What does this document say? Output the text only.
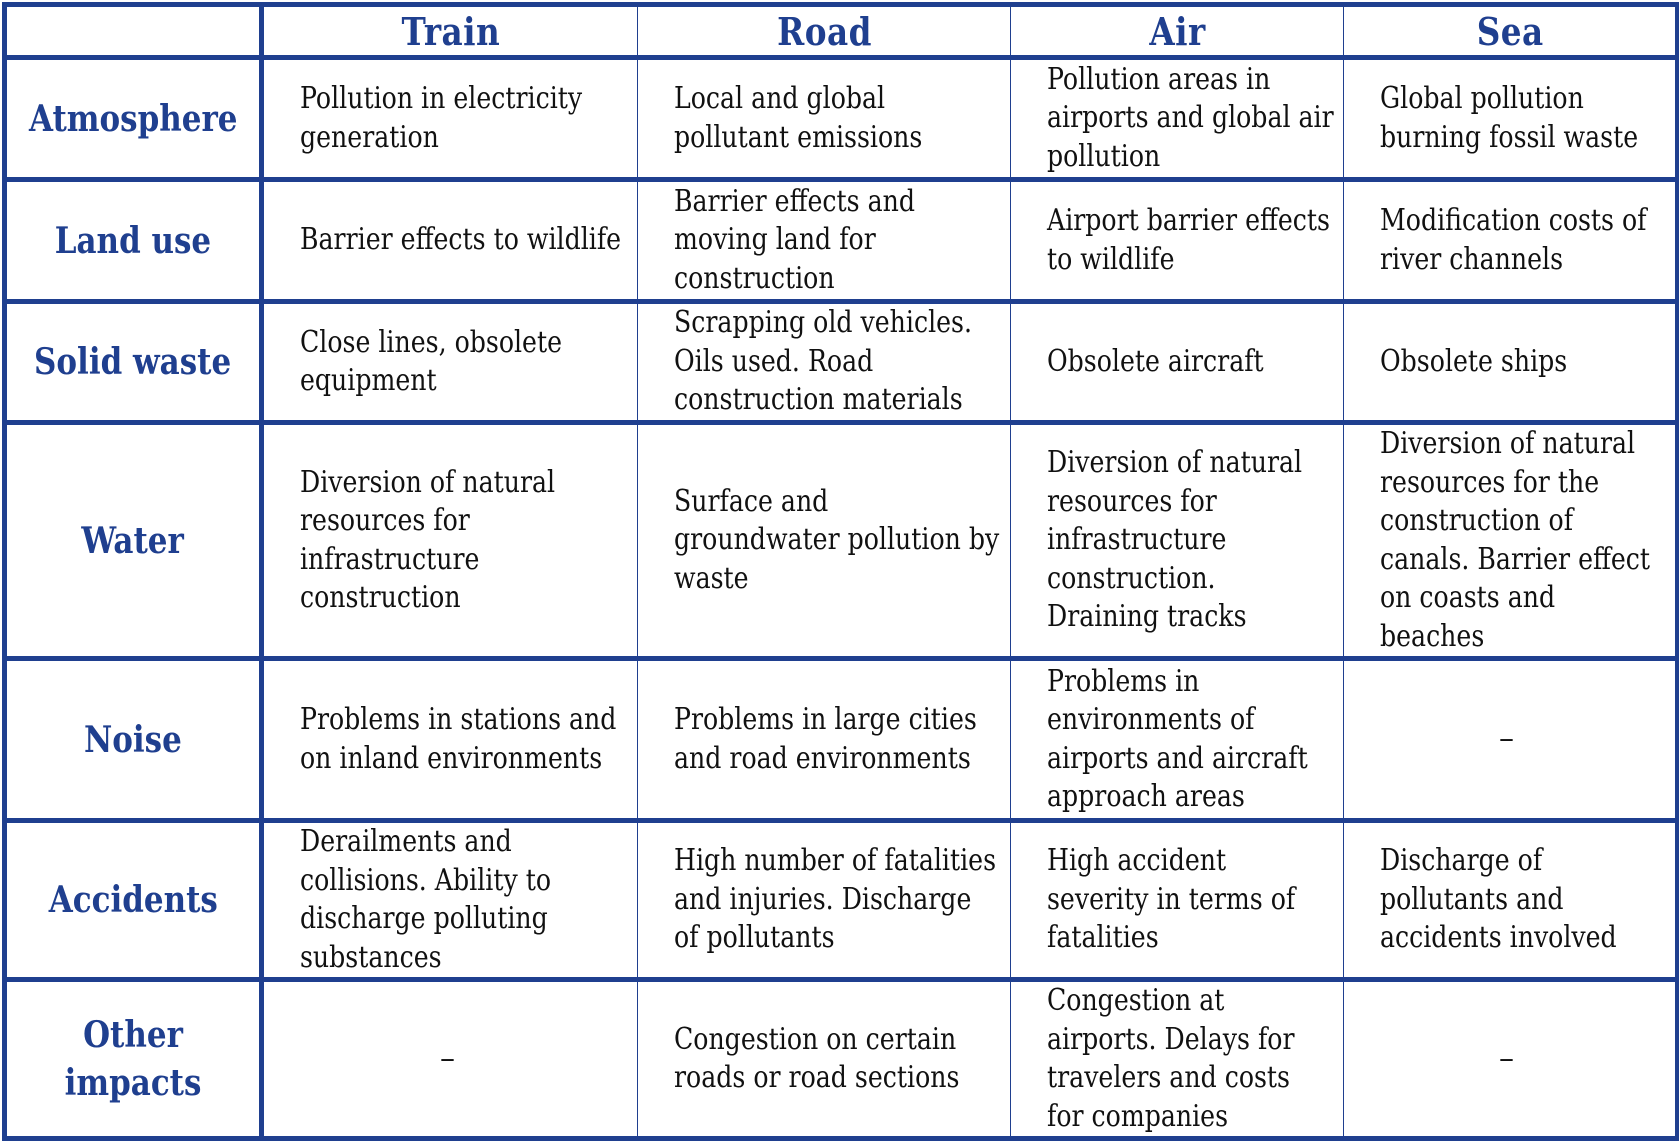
	Train	Road	Air	Sea
Atmosphere	Pollution in electricity generation	Local and global pollutant emissions	Pollution areas in airports and global air pollution	Global pollution burning fossil waste
Land use	Barrier effects to wildlife	Barrier effects and moving land for construction	Airport barrier effects to wildlife	Modification costs of river channels
Solid waste	Close lines, obsolete equipment	Scrapping old vehicles. Oils used. Road construction materials	Obsolete aircraft	Obsolete ships
Water	Diversion of natural resources for infrastructure construction	Surface and groundwater pollution by waste	Diversion of natural resources for infrastructure construction. Draining tracks	Diversion of natural resources for the construction of canals. Barrier effect on coasts and beaches
Noise	Problems in stations and on inland environments	Problems in large cities and road environments	Problems in environments of airports and aircraft approach areas	–
Accidents	Derailments and collisions. Ability to discharge polluting substances	High number of fatalities and injuries. Discharge of pollutants	High accident severity in terms of fatalities	Discharge of pollutants and accidents involved
Other impacts	–	Congestion on certain roads or road sections	Congestion at airports. Delays for travelers and costs for companies	–
